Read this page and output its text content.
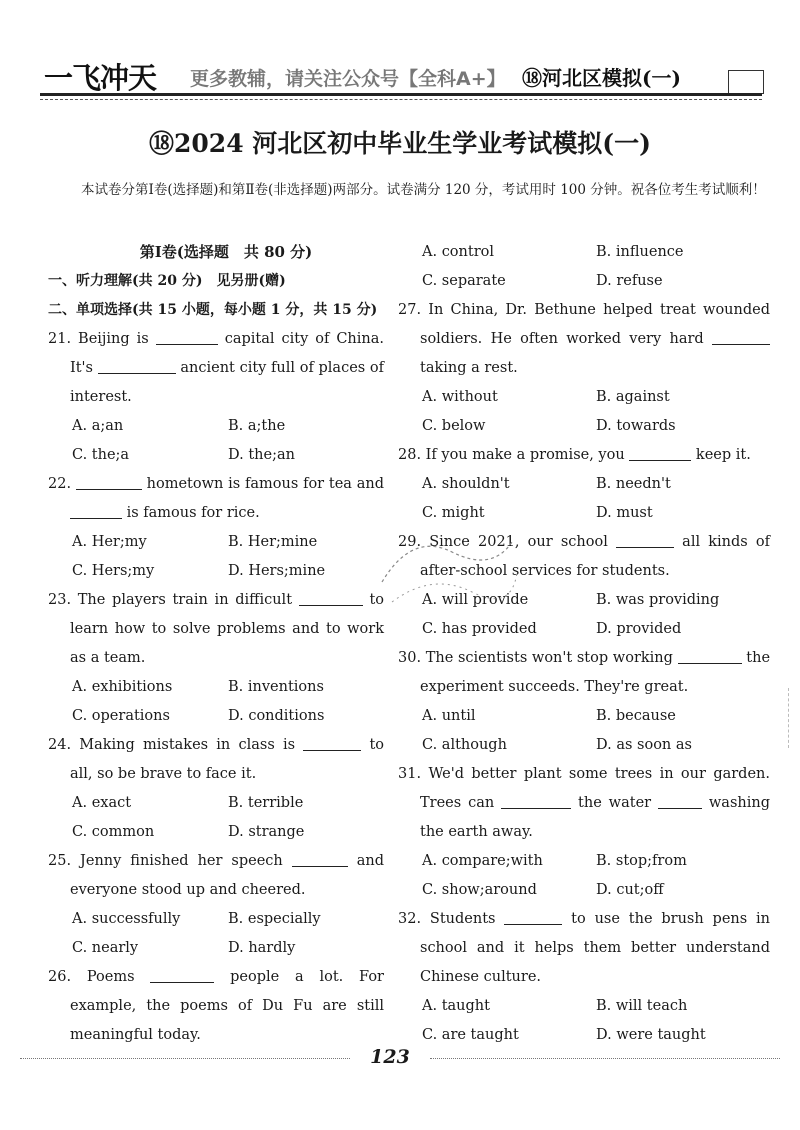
一飞冲天 更多教辅，请关注公众号【全科A+】 ⑱河北区模拟(一)
⑱2024 河北区初中毕业生学业考试模拟(一)
本试卷分第Ⅰ卷(选择题)和第Ⅱ卷(非选择题)两部分。试卷满分 120 分，考试用时 100 分钟。祝各位考生考试顺利！
第Ⅰ卷(选择题　共 80 分)
一、听力理解(共 20 分)　见另册(赠)
二、单项选择(共 15 小题，每小题 1 分，共 15 分)
21. Beijing is	capital city of China. It's	ancient city full of places of interest.
A. a;an	B. a;the
C. the;a	D. the;an
22.	hometown is famous for tea and  is famous for rice.
A. Her;my	B. Her;mine
C. Hers;my	D. Hers;mine
23. The players train in difficult	to learn how to solve problems and to work as a team.
A. exhibitions	B. inventions
C. operations	D. conditions
24. Making mistakes in class is	to all, so be brave to face it.
A. exact	B. terrible
C. common	D. strange
25. Jenny finished her speech	and everyone stood up and cheered.
A. successfully	B. especially
C. nearly	D. hardly
26. Poems	people a lot. For example, the poems of Du Fu are still meaningful today.
A. control	B. influence
C. separate	D. refuse
27. In China, Dr. Bethune helped treat wounded soldiers. He often worked very hard  taking a rest.
A. without	B. against
C. below	D. towards
28. If you make a promise, you	keep it.
A. shouldn't	B. needn't
C. might	D. must
29. Since 2021, our school	all kinds of after-school services for students.
A. will provide	B. was providing
C. has provided	D. provided
30. The scientists won't stop working	the experiment succeeds. They're great.
A. until	B. because
C. although	D. as soon as
31. We'd better plant some trees in our garden. Trees can	the water	washing the earth away.
A. compare;with	B. stop;from
C. show;around	D. cut;off
32. Students	to use the brush pens in school and it helps them better understand Chinese culture.
A. taught	B. will teach
C. are taught	D. were taught
123
